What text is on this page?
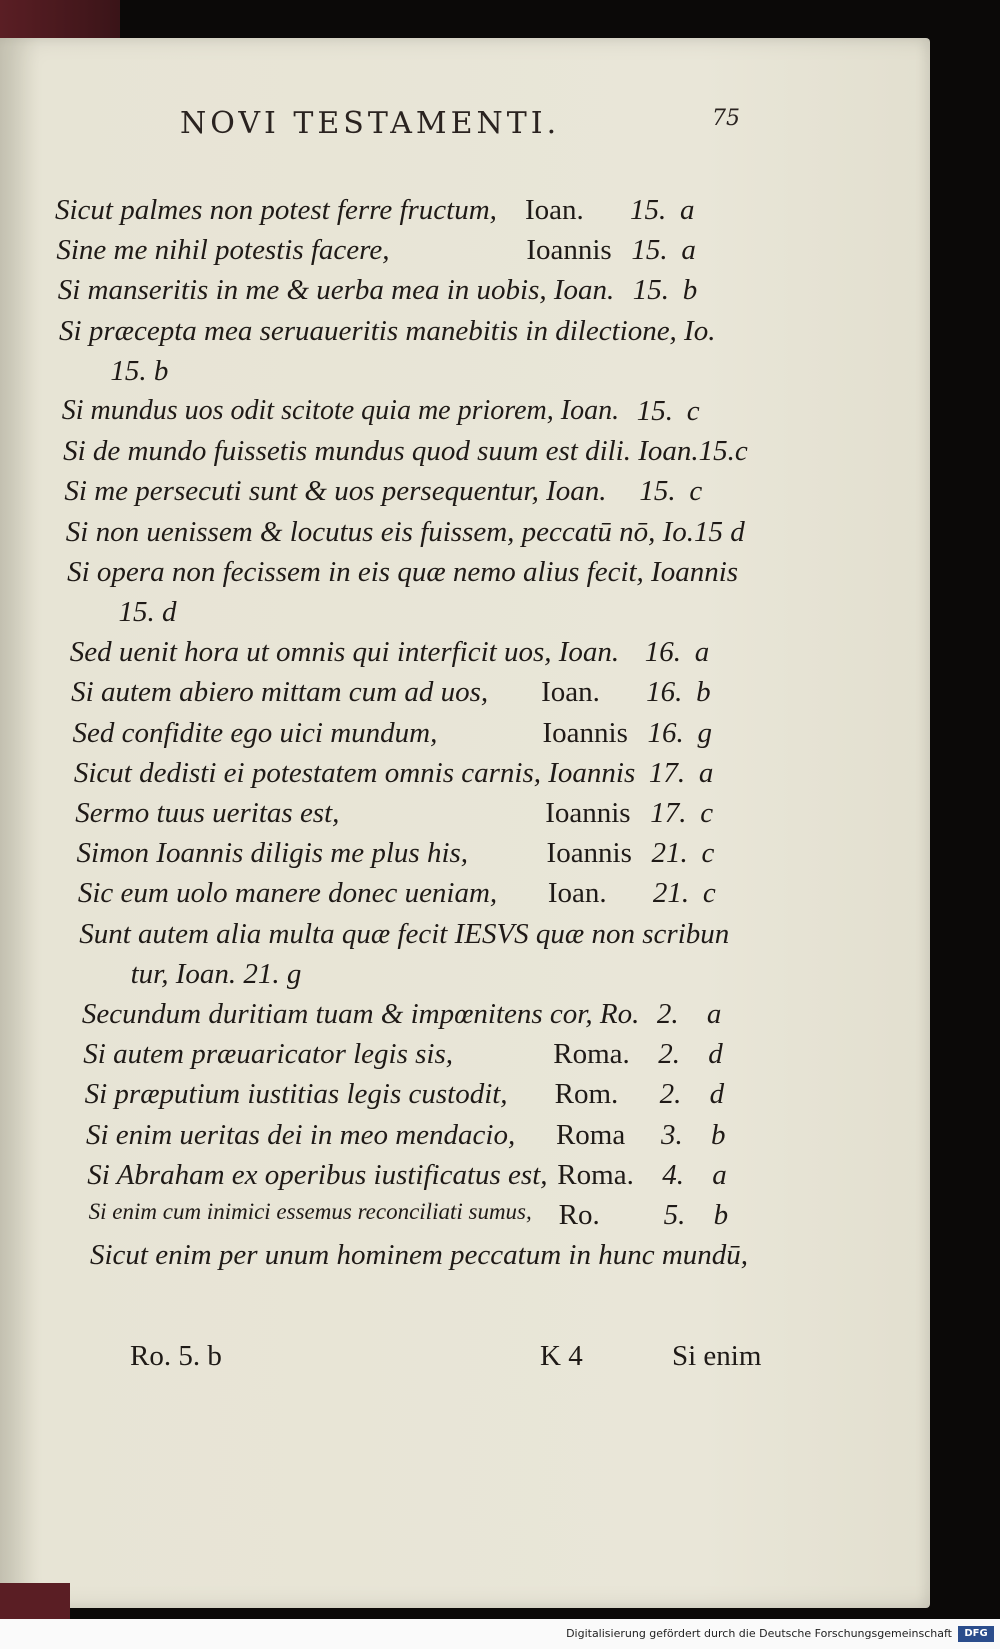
NOVI TESTAMENTI.	75
Sicut palmes non potest ferre fructum, Ioan. 15. a
Sine me nihil potestis facere,	Ioannis 15. a
Si manseritis in me & uerba mea in uobis, Ioan. 15. b
Si præcepta mea seruaueritis manebitis in dilectione, Io.
15. b
Si mundus uos odit scitote quia me priorem, Ioan. 15. c
Si de mundo fuissetis mundus quod suum est dili. Ioan.15.c
Si me persecuti sunt & uos persequentur, Ioan. 15. c
Si non uenissem & locutus eis fuissem, peccatū nō, Io.15 d
Si opera non fecissem in eis quæ nemo alius fecit, Ioannis
15. d
Sed uenit hora ut omnis qui interficit uos, Ioan. 16. a
Si autem abiero mittam cum ad uos, Ioan. 16. b
Sed confidite ego uici mundum,	Ioannis 16. g
Sicut dedisti ei potestatem omnis carnis, Ioannis 17. a
Sermo tuus ueritas est,	Ioannis 17. c
Simon Ioannis diligis me plus his,	Ioannis 21. c
Sic eum uolo manere donec ueniam, Ioan. 21. c
Sunt autem alia multa quæ fecit IESVS quæ non scribun
tur, Ioan. 21. g
Secundum duritiam tuam & impœnitens cor, Ro. 2. a
Si autem præuaricator legis sis,	Roma. 2. d
Si præputium iustitias legis custodit, Rom. 2. d
Si enim ueritas dei in meo mendacio, Roma 3. b
Si Abraham ex operibus iustificatus est, Roma. 4. a
Si enim cum inimici essemus reconciliati sumus, Ro. 5. b
Sicut enim per unum hominem peccatum in hunc mundū,
Ro. 5. b	K 4	Si enim
Digitalisierung gefördert durch die Deutsche Forschungsgemeinschaft	DFG
